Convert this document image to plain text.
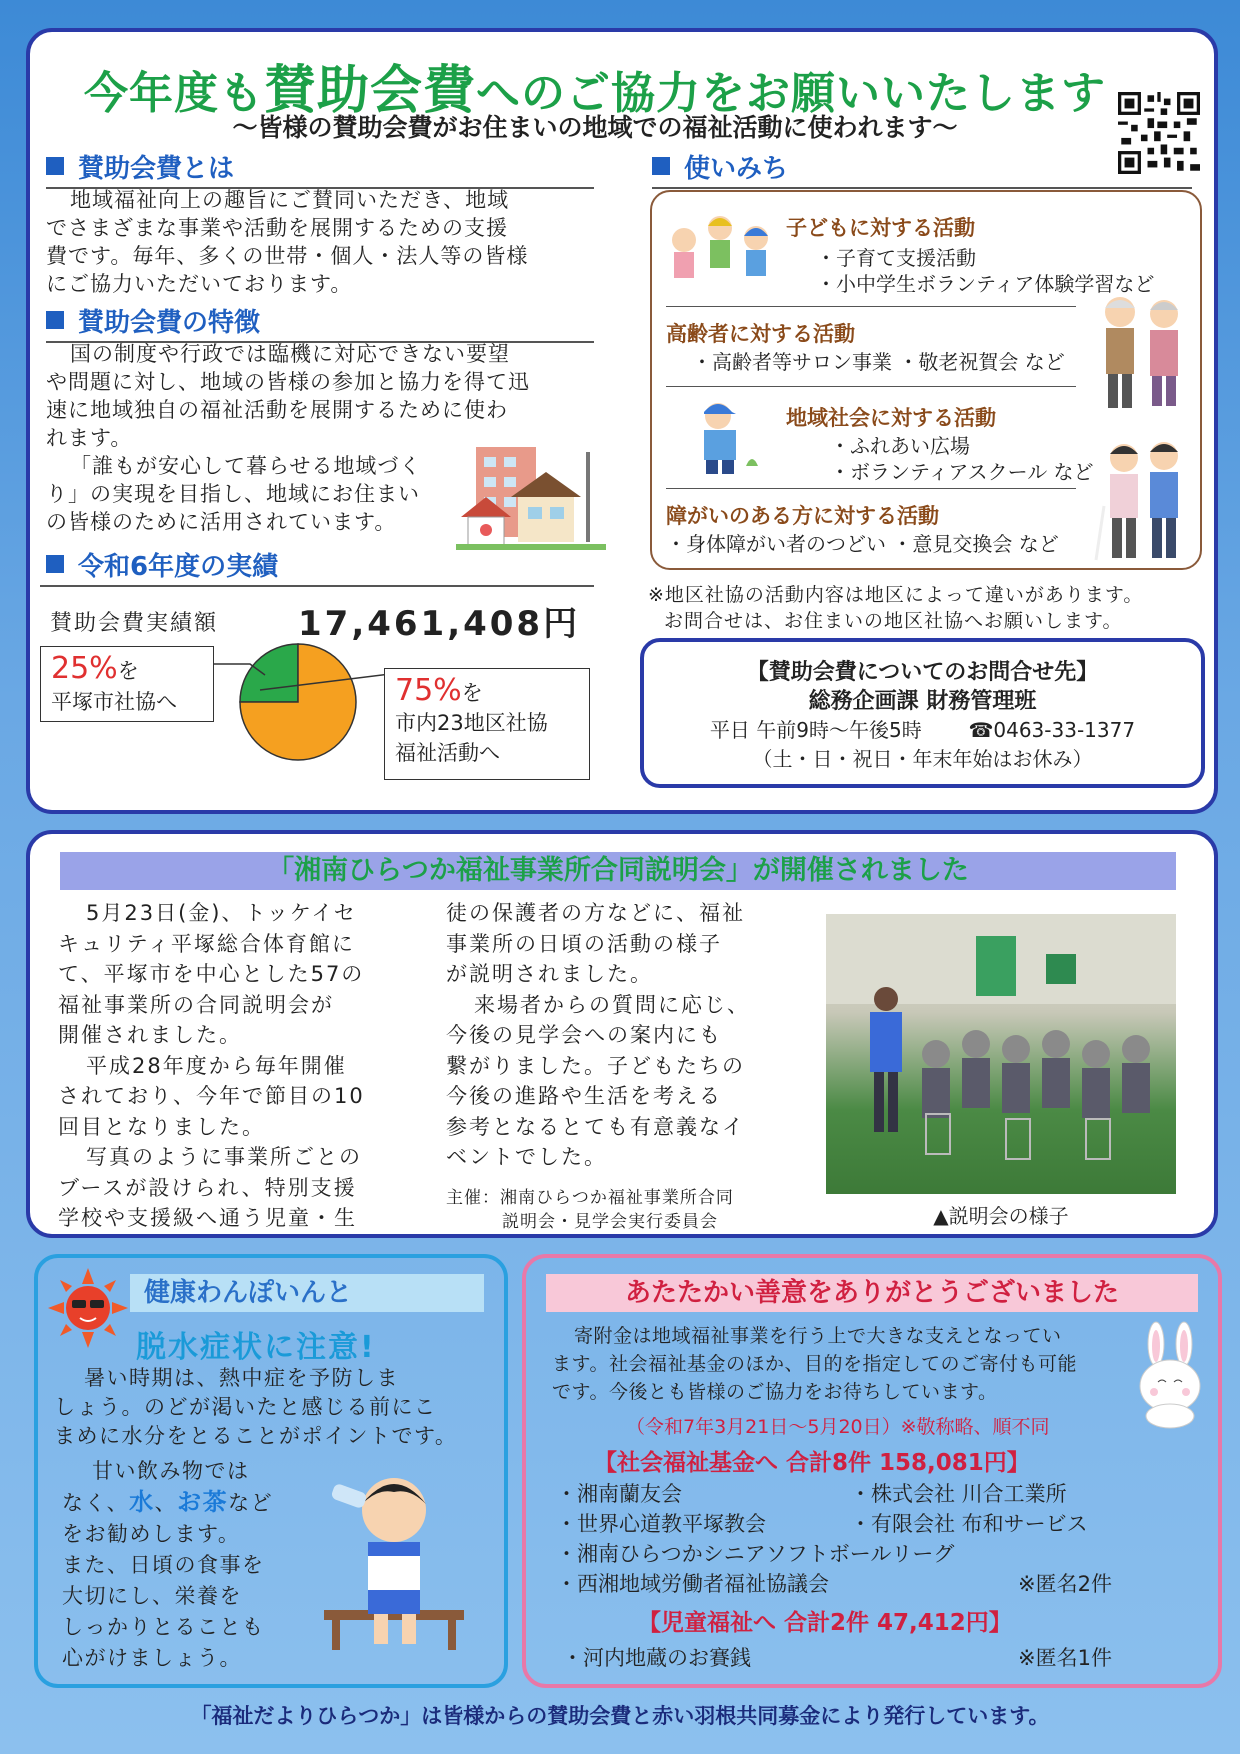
今年度も賛助会費へのご協力をお願いいたします
～皆様の賛助会費がお住まいの地域での福祉活動に使われます～
賛助会費とは
地域福祉向上の趣旨にご賛同いただき、地域
でさまざまな事業や活動を展開するための支援
費です。毎年、多くの世帯・個人・法人等の皆様
にご協力いただいております。
賛助会費の特徴
国の制度や行政では臨機に対応できない要望
や問題に対し、地域の皆様の参加と協力を得て迅
速に地域独自の福祉活動を展開するために使わ
れます。
「誰もが安心して暮らせる地域づく
り」の実現を目指し、地域にお住まい
の皆様のために活用されています。
令和6年度の実績
賛助会費実績額 17,461,408円
25%を
平塚市社協へ	75%を
市内23地区社協
福祉活動へ
使いみち
子どもに対する活動
・子育て支援活動
・小中学生ボランティア体験学習など
高齢者に対する活動
・高齢者等サロン事業 ・敬老祝賀会 など
地域社会に対する活動
・ふれあい広場
・ボランティアスクール など
障がいのある方に対する活動
・身体障がい者のつどい ・意見交換会 など
※地区社協の活動内容は地区によって違いがあります。
お問合せは、お住まいの地区社協へお願いします。
【賛助会費についてのお問合せ先】
総務企画課 財務管理班
平日 午前9時～午後5時 ☎0463-33-1377
（土・日・祝日・年末年始はお休み）
「湘南ひらつか福祉事業所合同説明会」が開催されました
5月23日(金)、トッケイセ
キュリティ平塚総合体育館に
て、平塚市を中心とした57の
福祉事業所の合同説明会が
開催されました。
平成28年度から毎年開催
されており、今年で節目の10
回目となりました。
写真のように事業所ごとの
ブースが設けられ、特別支援
学校や支援級へ通う児童・生
徒の保護者の方などに、福祉
事業所の日頃の活動の様子
が説明されました。
来場者からの質問に応じ、
今後の見学会への案内にも
繋がりました。子どもたちの
今後の進路や生活を考える
参考となるとても有意義なイ
ベントでした。
主催：湘南ひらつか福祉事業所合同
説明会・見学会実行委員会	▲説明会の様子
健康わんぽいんと
脱水症状に注意!
暑い時期は、熱中症を予防しま
しょう。のどが渇いたと感じる前にこ
まめに水分をとることがポイントです。
甘い飲み物では
なく、水、お茶など
をお勧めします。
また、日頃の食事を
大切にし、栄養を
しっかりとることも
心がけましょう。
あたたかい善意をありがとうございました
寄附金は地域福祉事業を行う上で大きな支えとなってい
ます。社会福祉基金のほか、目的を指定してのご寄付も可能
です。今後とも皆様のご協力をお待ちしています。
（令和7年3月21日～5月20日）※敬称略、順不同
【社会福祉基金へ 合計8件 158,081円】
・湘南蘭友会	・株式会社 川合工業所
・世界心道教平塚教会	・有限会社 布和サービス
・湘南ひらつかシニアソフトボールリーグ
・西湘地域労働者福祉協議会	※匿名2件
【児童福祉へ 合計2件 47,412円】
・河内地蔵のお賽銭	※匿名1件
「福祉だよりひらつか」は皆様からの賛助会費と赤い羽根共同募金により発行しています。
